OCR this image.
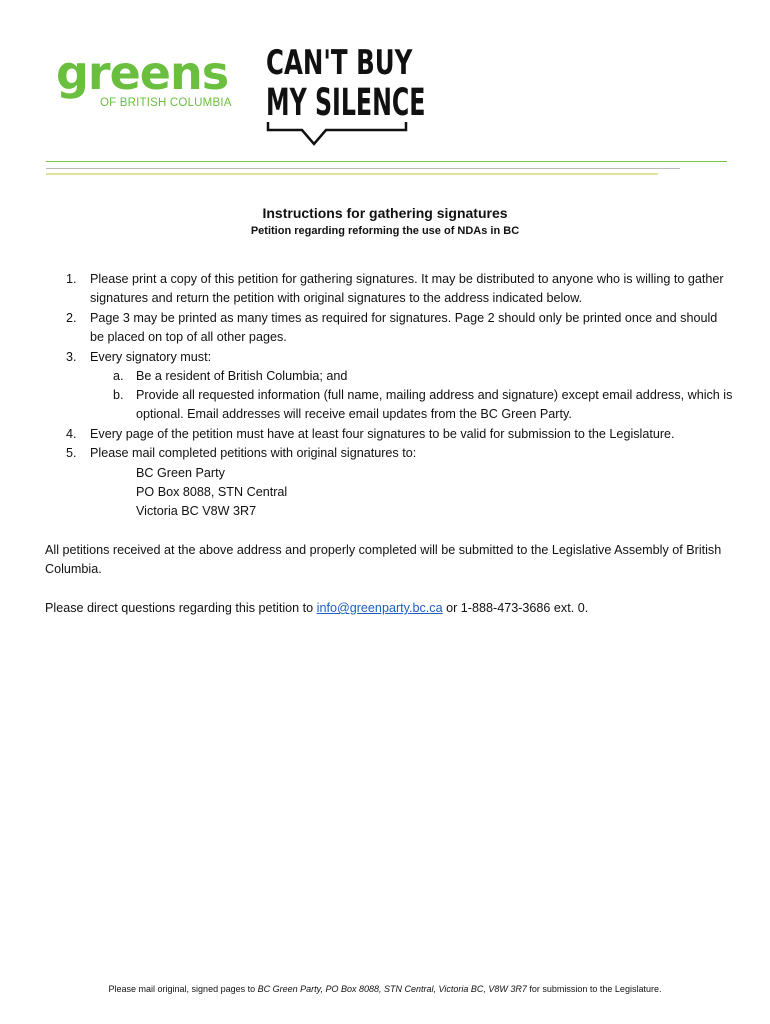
greens
OF BRITISH COLUMBIA
CAN'T BUY
MY SILENCE
Instructions for gathering signatures
Petition regarding reforming the use of NDAs in BC
1. Please print a copy of this petition for gathering signatures. It may be distributed to anyone who is willing to gather signatures and return the petition with original signatures to the address indicated below.
2. Page 3 may be printed as many times as required for signatures. Page 2 should only be printed once and should be placed on top of all other pages.
3. Every signatory must:
a. Be a resident of British Columbia; and
b. Provide all requested information (full name, mailing address and signature) except email address, which is optional. Email addresses will receive email updates from the BC Green Party.
4. Every page of the petition must have at least four signatures to be valid for submission to the Legislature.
5. Please mail completed petitions with original signatures to:
BC Green Party
PO Box 8088, STN Central
Victoria BC V8W 3R7
All petitions received at the above address and properly completed will be submitted to the Legislative Assembly of British Columbia.
Please direct questions regarding this petition to info@greenparty.bc.ca or 1-888-473-3686 ext. 0.
Please mail original, signed pages to BC Green Party, PO Box 8088, STN Central, Victoria BC, V8W 3R7 for submission to the Legislature.
